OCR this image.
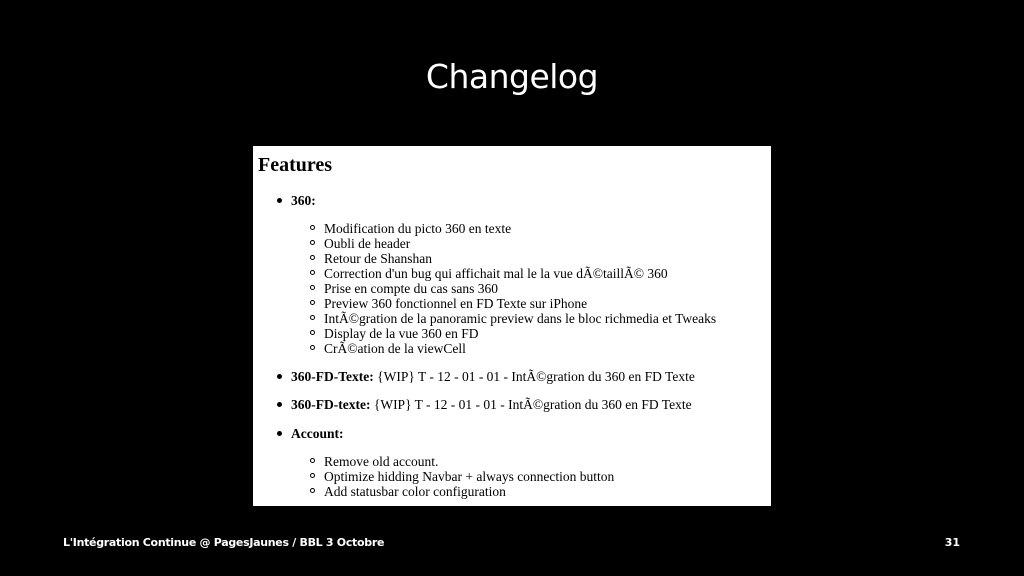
Changelog
Features
360:
Modification du picto 360 en texte
Oubli de header
Retour de Shanshan
Correction d'un bug qui affichait mal le la vue dÃ©taillÃ© 360
Prise en compte du cas sans 360
Preview 360 fonctionnel en FD Texte sur iPhone
IntÃ©gration de la panoramic preview dans le bloc richmedia et Tweaks
Display de la vue 360 en FD
CrÃ©ation de la viewCell
360-FD-Texte: {WIP} T - 12 - 01 - 01 - IntÃ©gration du 360 en FD Texte
360-FD-texte: {WIP} T - 12 - 01 - 01 - IntÃ©gration du 360 en FD Texte
Account:
Remove old account.
Optimize hidding Navbar + always connection button
Add statusbar color configuration
L'Intégration Continue @ PagesJaunes / BBL 3 Octobre	31
